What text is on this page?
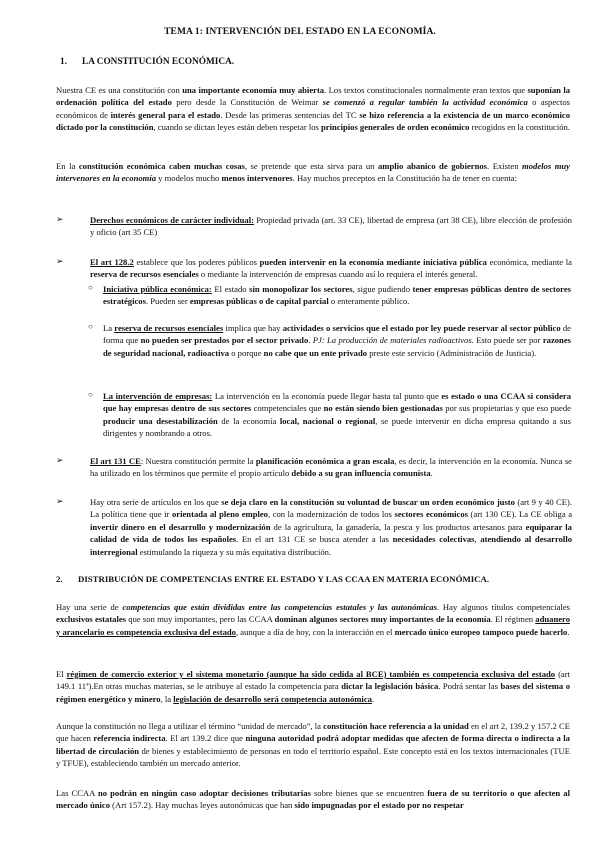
TEMA 1: INTERVENCIÓN DEL ESTADO EN LA ECONOMÍA.
1. LA CONSTITUCIÓN ECONÓMICA.
Nuestra CE es una constitución con una importante economía muy abierta. Los textos constitucionales normalmente eran textos que suponían la ordenación política del estado pero desde la Constitución de Weimar se comenzó a regular también la actividad económica o aspectos económicos de interés general para el estado. Desde las primeras sentencias del TC se hizo referencia a la existencia de un marco económico dictado por la constitución, cuando se dictan leyes están deben respetar los principios generales de orden económico recogidos en la constitución.
En la constitución económica caben muchas cosas, se pretende que esta sirva para un amplio abanico de gobiernos. Existen modelos muy intervenores en la economía y modelos mucho menos intervenores. Hay muchos preceptos en la Constitución ha de tener en cuenta:
➢	Derechos económicos de carácter individual: Propiedad privada (art. 33 CE), libertad de empresa (art 38 CE), libre elección de profesión y oficio (art 35 CE)
➢	El art 128.2 establece que los poderes públicos pueden intervenir en la economía mediante iniciativa pública económica, mediante la reserva de recursos esenciales o mediante la intervención de empresas cuando así lo requiera el interés general.
○ Iniciativa pública económica: El estado sin monopolizar los sectores, sigue pudiendo tener empresas públicas dentro de sectores estratégicos. Pueden ser empresas públicas o de capital parcial o enteramente público.
○ La reserva de recursos esenciales implica que hay actividades o servicios que el estado por ley puede reservar al sector público de forma que no pueden ser prestados por el sector privado. PJ: La producción de materiales radioactivos. Esto puede ser por razones de seguridad nacional, radioactiva o porque no cabe que un ente privado preste este servicio (Administración de Justicia).
○ La intervención de empresas: La intervención en la economía puede llegar hasta tal punto que es estado o una CCAA si considera que hay empresas dentro de sus sectores competenciales que no están siendo bien gestionadas por sus propietarias y que eso puede producir una desestabilización de la economía local, nacional o regional, se puede intervenir en dicha empresa quitando a sus dirigentes y nombrando a otros.
➢	El art 131 CE: Nuestra constitución permite la planificación económica a gran escala, es decir, la intervención en la economía. Nunca se ha utilizado en los términos que permite el propio artículo debido a su gran influencia comunista.
➢	Hay otra serie de artículos en los que se deja claro en la constitución su voluntad de buscar un orden económico justo (art 9 y 40 CE). La política tiene que ir orientada al pleno empleo, con la modernización de todos los sectores económicos (art 130 CE). La CE obliga a invertir dinero en el desarrollo y modernización de la agricultura, la ganadería, la pesca y los productos artesanos para equiparar la calidad de vida de todos los españoles. En el art 131 CE se busca atender a las necesidades colectivas, atendiendo al desarrollo interregional estimulando la riqueza y su más equitativa distribución.
2. DISTRIBUCIÓN DE COMPETENCIAS ENTRE EL ESTADO Y LAS CCAA EN MATERIA ECONÓMICA.
Hay una serie de competencias que están divididas entre las competencias estatales y las autonómicas. Hay algunos títulos competenciales exclusivos estatales que son muy importantes, pero las CCAA dominan algunos sectores muy importantes de la economía. El régimen aduanero y arancelario es competencia exclusiva del estado, aunque a día de hoy, con la interacción en el mercado único europeo tampoco puede hacerlo.
El régimen de comercio exterior y el sistema monetario (aunque ha sido cedida al BCE) también es competencia exclusiva del estado (art 149.1 11ª).En otras muchas materias, se le atribuye al estado la competencia para dictar la legislación básica. Podrá sentar las bases del sistema o régimen energético y minero, la legislación de desarrollo será competencia autonómica.
Aunque la constitución no llega a utilizar el término “unidad de mercado”, la constitución hace referencia a la unidad en el art 2, 139.2 y 157.2 CE que hacen referencia indirecta. El art 139.2 dice que ninguna autoridad podrá adoptar medidas que afecten de forma directa o indirecta a la libertad de circulación de bienes y establecimiento de personas en todo el territorio español. Este concepto está en los textos internacionales (TUE y TFUE), estableciendo también un mercado anterior.
Las CCAA no podrán en ningún caso adoptar decisiones tributarias sobre bienes que se encuentren fuera de su territorio o que afecten al mercado único (Art 157.2). Hay muchas leyes autonómicas que han sido impugnadas por el estado por no respetar
